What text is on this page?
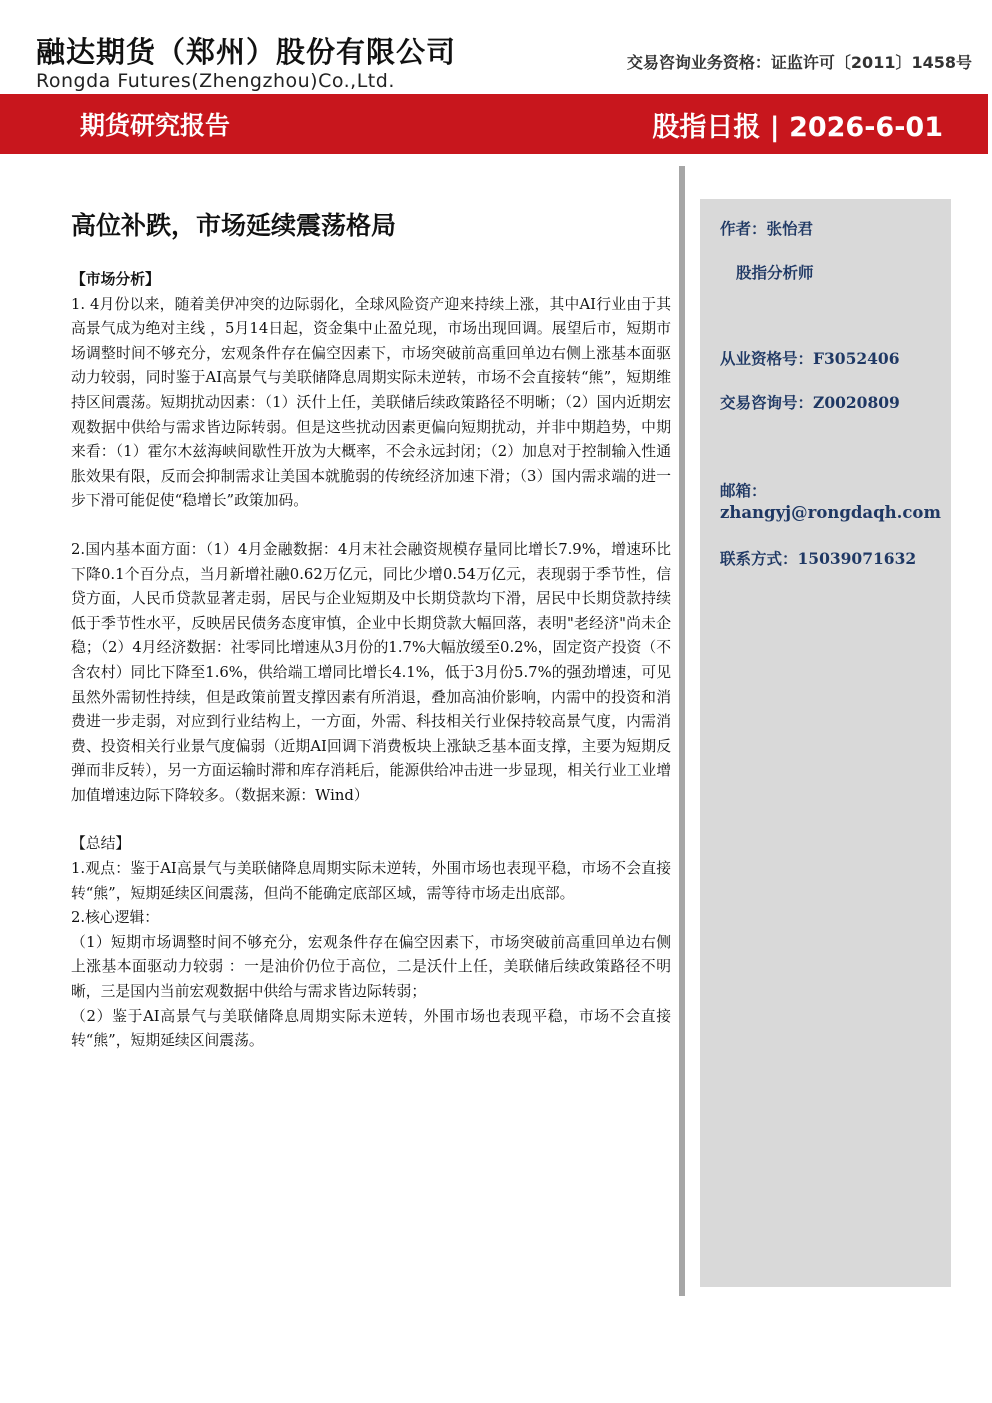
融达期货（郑州）股份有限公司
Rongda Futures(Zhengzhou)Co.,Ltd.
交易咨询业务资格：证监许可〔2011〕1458号
期货研究报告	股指日报 | 2026-6-01
高位补跌，市场延续震荡格局

【市场分析】

1. 4月份以来，随着美伊冲突的边际弱化，全球风险资产迎来持续上涨，其中AI行业由于其高景气成为绝对主线 ，5月14日起，资金集中止盈兑现，市场出现回调。展望后市，短期市场调整时间不够充分，宏观条件存在偏空因素下，市场突破前高重回单边右侧上涨基本面驱动力较弱，同时鉴于AI高景气与美联储降息周期实际未逆转，市场不会直接转“熊”，短期维持区间震荡。短期扰动因素：（1）沃什上任，美联储后续政策路径不明晰；（2）国内近期宏观数据中供给与需求皆边际转弱。但是这些扰动因素更偏向短期扰动，并非中期趋势，中期来看：（1）霍尔木兹海峡间歇性开放为大概率，不会永远封闭；（2）加息对于控制输入性通胀效果有限，反而会抑制需求让美国本就脆弱的传统经济加速下滑；（3）国内需求端的进一步下滑可能促使“稳增长”政策加码。

2.国内基本面方面：（1）4月金融数据：4月末社会融资规模存量同比增长7.9%，增速环比下降0.1个百分点，当月新增社融0.62万亿元，同比少增0.54万亿元，表现弱于季节性，信贷方面，人民币贷款显著走弱，居民与企业短期及中长期贷款均下滑，居民中长期贷款持续低于季节性水平，反映居民债务态度审慎，企业中长期贷款大幅回落，表明"老经济"尚未企稳；（2）4月经济数据：社零同比增速从3月份的1.7%大幅放缓至0.2%，固定资产投资（不含农村）同比下降至1.6%，供给端工增同比增长4.1%，低于3月份5.7%的强劲增速，可见虽然外需韧性持续，但是政策前置支撑因素有所消退，叠加高油价影响，内需中的投资和消费进一步走弱，对应到行业结构上，一方面，外需、科技相关行业保持较高景气度，内需消费、投资相关行业景气度偏弱（近期AI回调下消费板块上涨缺乏基本面支撑，主要为短期反弹而非反转），另一方面运输时滞和库存消耗后，能源供给冲击进一步显现，相关行业工业增加值增速边际下降较多。（数据来源：Wind）

【总结】

1.观点：鉴于AI高景气与美联储降息周期实际未逆转，外围市场也表现平稳，市场不会直接转“熊”，短期延续区间震荡，但尚不能确定底部区域，需等待市场走出底部。

2.核心逻辑：

（1）短期市场调整时间不够充分，宏观条件存在偏空因素下，市场突破前高重回单边右侧上涨基本面驱动力较弱 ：一是油价仍位于高位，二是沃什上任，美联储后续政策路径不明晰，三是国内当前宏观数据中供给与需求皆边际转弱；

（2）鉴于AI高景气与美联储降息周期实际未逆转，外围市场也表现平稳，市场不会直接转“熊”，短期延续区间震荡。

作者：张怡君
股指分析师
从业资格号：F3052406
交易咨询号：Z0020809
邮箱：
zhangyj@rongdaqh.com
联系方式：15039071632
